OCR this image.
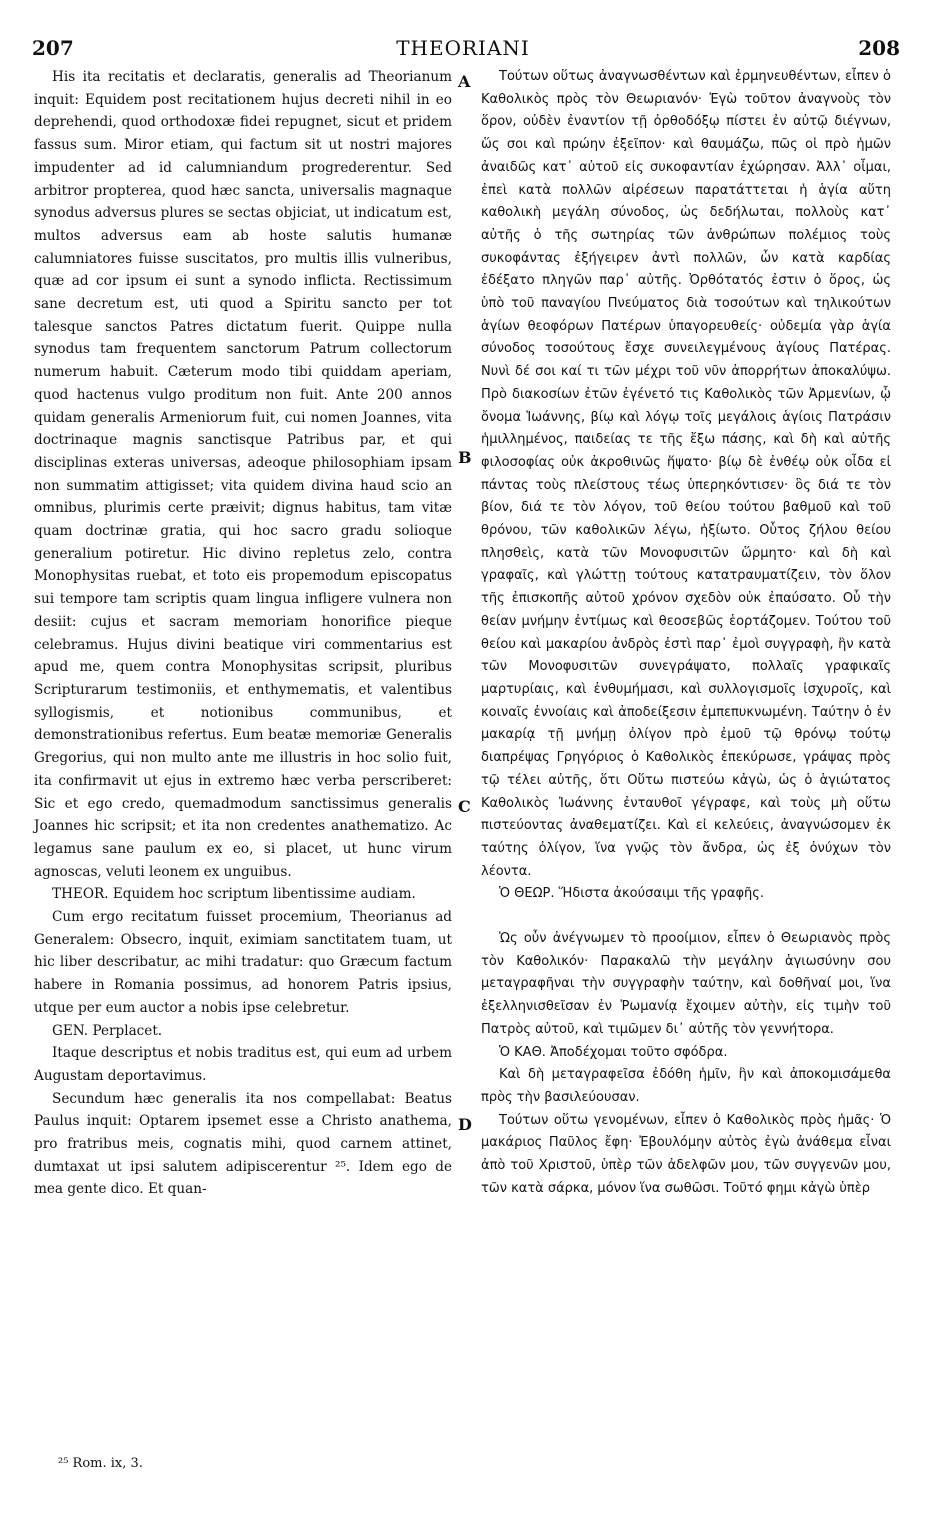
207	THEORIANI	208

His ita recitatis et declaratis, generalis ad Theorianum inquit: Equidem post recitationem hujus decreti nihil in eo deprehendi, quod orthodoxæ fidei repugnet, sicut et pridem fassus sum. Miror etiam, qui factum sit ut nostri majores impudenter ad id calumniandum progrederentur. Sed arbitror propterea, quod hæc sancta, universalis magnaque synodus adversus plures se sectas objiciat, ut indicatum est, multos adversus eam ab hoste salutis humanæ calumniatores fuisse suscitatos, pro multis illis vulneribus, quæ ad cor ipsum ei sunt a synodo inflicta. Rectissimum sane decretum est, uti quod a Spiritu sancto per tot talesque sanctos Patres dictatum fuerit. Quippe nulla synodus tam frequentem sanctorum Patrum collectorum numerum habuit. Cæterum modo tibi quiddam aperiam, quod hactenus vulgo proditum non fuit. Ante 200 annos quidam generalis Armeniorum fuit, cui nomen Joannes, vita doctrinaque magnis sanctisque Patribus par, et qui disciplinas exteras universas, adeoque philosophiam ipsam non summatim attigisset; vita quidem divina haud scio an omnibus, plurimis certe præivit; dignus habitus, tam vitæ quam doctrinæ gratia, qui hoc sacro gradu solioque generalium potiretur. Hic divino repletus zelo, contra Monophysitas ruebat, et toto eis propemodum episcopatus sui tempore tam scriptis quam lingua infligere vulnera non desiit: cujus et sacram memoriam honorifice pieque celebramus. Hujus divini beatique viri commentarius est apud me, quem contra Monophysitas scripsit, pluribus Scripturarum testimoniis, et enthymematis, et valentibus syllogismis, et notionibus communibus, et demonstrationibus refertus. Eum beatæ memoriæ Generalis Gregorius, qui non multo ante me illustris in hoc solio fuit, ita confirmavit ut ejus in extremo hæc verba perscriberet: Sic et ego credo, quemadmodum sanctissimus generalis Joannes hic scripsit; et ita non credentes anathematizo. Ac legamus sane paulum ex eo, si placet, ut hunc virum agnoscas, veluti leonem ex unguibus.

THEOR. Equidem hoc scriptum libentissime audiam.

Cum ergo recitatum fuisset procemium, Theorianus ad Generalem: Obsecro, inquit, eximiam sanctitatem tuam, ut hic liber describatur, ac mihi tradatur: quo Græcum factum habere in Romania possimus, ad honorem Patris ipsius, utque per eum auctor a nobis ipse celebretur.

GEN. Perplacet.

Itaque descriptus et nobis traditus est, qui eum ad urbem Augustam deportavimus.

Secundum hæc generalis ita nos compellabat: Beatus Paulus inquit: Optarem ipsemet esse a Christo anathema, pro fratribus meis, cognatis mihi, quod carnem attinet, dumtaxat ut ipsi salutem adipiscerentur ²⁵. Idem ego de mea gente dico. Et quan-

A
B
C
D

Τούτων οὕτως ἀναγνωσθέντων καὶ ἑρμηνευθέντων, εἶπεν ὁ Καθολικὸς πρὸς τὸν Θεωριανόν· Ἐγὼ τοῦτον ἀναγνοὺς τὸν ὅρον, οὐδὲν ἐναντίον τῇ ὀρθοδόξῳ πίστει ἐν αὐτῷ διέγνων, ὥς σοι καὶ πρώην ἐξεῖπον· καὶ θαυμάζω, πῶς οἱ πρὸ ἡμῶν ἀναιδῶς κατ᾽ αὐτοῦ εἰς συκοφαντίαν ἐχώρησαν. Ἀλλ᾽ οἶμαι, ἐπεὶ κατὰ πολλῶν αἱρέσεων παρατάττεται ἡ ἁγία αὕτη καθολικὴ μεγάλη σύνοδος, ὡς δεδήλωται, πολλοὺς κατ᾽ αὐτῆς ὁ τῆς σωτηρίας τῶν ἀνθρώπων πολέμιος τοὺς συκοφάντας ἐξήγειρεν ἀντὶ πολλῶν, ὧν κατὰ καρδίας ἐδέξατο πληγῶν παρ᾽ αὐτῆς. Ὀρθότατός ἐστιν ὁ ὅρος, ὡς ὑπὸ τοῦ παναγίου Πνεύματος διὰ τοσούτων καὶ τηλικούτων ἁγίων θεοφόρων Πατέρων ὑπαγορευθείς· οὐδεμία γὰρ ἁγία σύνοδος τοσούτους ἔσχε συνειλεγμένους ἁγίους Πατέρας. Νυνὶ δέ σοι καί τι τῶν μέχρι τοῦ νῦν ἀπορρήτων ἀποκαλύψω. Πρὸ διακοσίων ἐτῶν ἐγένετό τις Καθολικὸς τῶν Ἀρμενίων, ᾧ ὄνομα Ἰωάννης, βίῳ καὶ λόγῳ τοῖς μεγάλοις ἁγίοις Πατράσιν ἡμιλλημένος, παιδείας τε τῆς ἔξω πάσης, καὶ δὴ καὶ αὐτῆς φιλοσοφίας οὐκ ἀκροθινῶς ἥψατο· βίῳ δὲ ἐνθέῳ οὐκ οἶδα εἰ πάντας τοὺς πλείστους τέως ὑπερηκόντισεν· ὃς διά τε τὸν βίον, διά τε τὸν λόγον, τοῦ θείου τούτου βαθμοῦ καὶ τοῦ θρόνου, τῶν καθολικῶν λέγω, ἠξίωτο. Οὗτος ζήλου θείου πλησθεὶς, κατὰ τῶν Μονοφυσιτῶν ὥρμητο· καὶ δὴ καὶ γραφαῖς, καὶ γλώττῃ τούτους κατατραυματίζειν, τὸν ὅλον τῆς ἐπισκοπῆς αὐτοῦ χρόνον σχεδὸν οὐκ ἐπαύσατο. Οὗ τὴν θείαν μνήμην ἐντίμως καὶ θεοσεβῶς ἑορτάζομεν. Τούτου τοῦ θείου καὶ μακαρίου ἀνδρὸς ἐστὶ παρ᾽ ἐμοὶ συγγραφὴ, ἣν κατὰ τῶν Μονοφυσιτῶν συνεγράψατο, πολλαῖς γραφικαῖς μαρτυρίαις, καὶ ἐνθυμήμασι, καὶ συλλογισμοῖς ἰσχυροῖς, καὶ κοιναῖς ἐννοίαις καὶ ἀποδείξεσιν ἐμπεπυκνωμένη. Ταύτην ὁ ἐν μακαρίᾳ τῇ μνήμῃ ὀλίγον πρὸ ἐμοῦ τῷ θρόνῳ τούτῳ διαπρέψας Γρηγόριος ὁ Καθολικὸς ἐπεκύρωσε, γράψας πρὸς τῷ τέλει αὐτῆς, ὅτι Οὕτω πιστεύω κἀγὼ, ὡς ὁ ἁγιώτατος Καθολικὸς Ἰωάννης ἐνταυθοῖ γέγραφε, καὶ τοὺς μὴ οὕτω πιστεύοντας ἀναθεματίζει. Καὶ εἰ κελεύεις, ἀναγνώσομεν ἐκ ταύτης ὀλίγον, ἵνα γνῷς τὸν ἄνδρα, ὡς ἐξ ὀνύχων τὸν λέοντα.

Ὁ ΘΕΩΡ. Ἥδιστα ἀκούσαιμι τῆς γραφῆς.

Ὡς οὖν ἀνέγνωμεν τὸ προοίμιον, εἶπεν ὁ Θεωριανὸς πρὸς τὸν Καθολικόν· Παρακαλῶ τὴν μεγάλην ἁγιωσύνην σου μεταγραφῆναι τὴν συγγραφὴν ταύτην, καὶ δοθῆναί μοι, ἵνα ἐξελληνισθεῖσαν ἐν Ῥωμανίᾳ ἔχοιμεν αὐτὴν, εἰς τιμὴν τοῦ Πατρὸς αὐτοῦ, καὶ τιμῶμεν δι᾽ αὐτῆς τὸν γεννήτορα.

Ὁ ΚΑΘ. Ἀποδέχομαι τοῦτο σφόδρα.

Καὶ δὴ μεταγραφεῖσα ἐδόθη ἡμῖν, ἣν καὶ ἀποκομισάμεθα πρὸς τὴν βασιλεύουσαν.

Τούτων οὕτω γενομένων, εἶπεν ὁ Καθολικὸς πρὸς ἡμᾶς· Ὁ μακάριος Παῦλος ἔφη· Ἐβουλόμην αὐτὸς ἐγὼ ἀνάθεμα εἶναι ἀπὸ τοῦ Χριστοῦ, ὑπὲρ τῶν ἀδελφῶν μου, τῶν συγγενῶν μου, τῶν κατὰ σάρκα, μόνον ἵνα σωθῶσι. Τοῦτό φημι κἀγὼ ὑπὲρ

²⁵ Rom. ix, 3.
